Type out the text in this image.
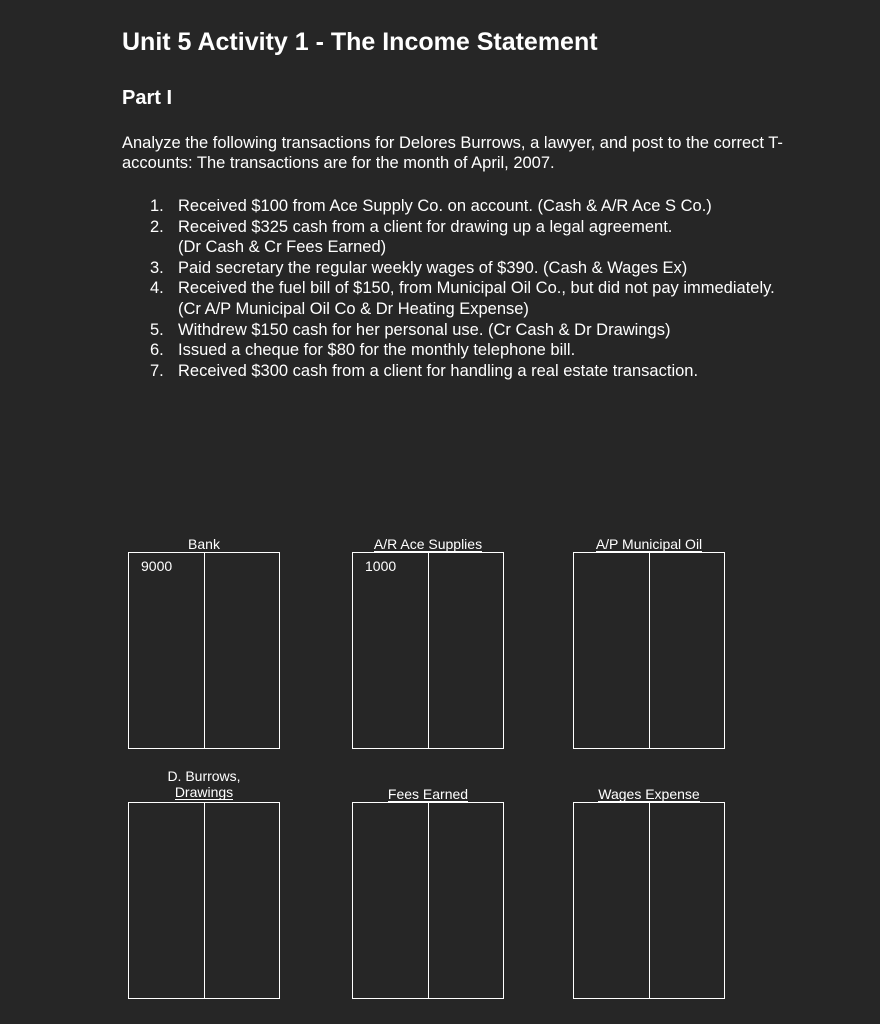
Unit 5 Activity 1 - The Income Statement
Part I

Analyze the following transactions for Delores Burrows, a lawyer, and post to the correct T-accounts: The transactions are for the month of April, 2007.

1. Received $100 from Ace Supply Co. on account. (Cash & A/R Ace S Co.)
2. Received $325 cash from a client for drawing up a legal agreement.
(Dr Cash & Cr Fees Earned)
3. Paid secretary the regular weekly wages of $390. (Cash & Wages Ex)
4. Received the fuel bill of $150, from Municipal Oil Co., but did not pay immediately.
(Cr A/P Municipal Oil Co & Dr Heating Expense)
5. Withdrew $150 cash for her personal use. (Cr Cash & Dr Drawings)
6. Issued a cheque for $80 for the monthly telephone bill.
7. Received $300 cash from a client for handling a real estate transaction.
Bank
9000
A/R Ace Supplies
1000
A/P Municipal Oil
D. Burrows,
Drawings	Fees Earned	Wages Expense
